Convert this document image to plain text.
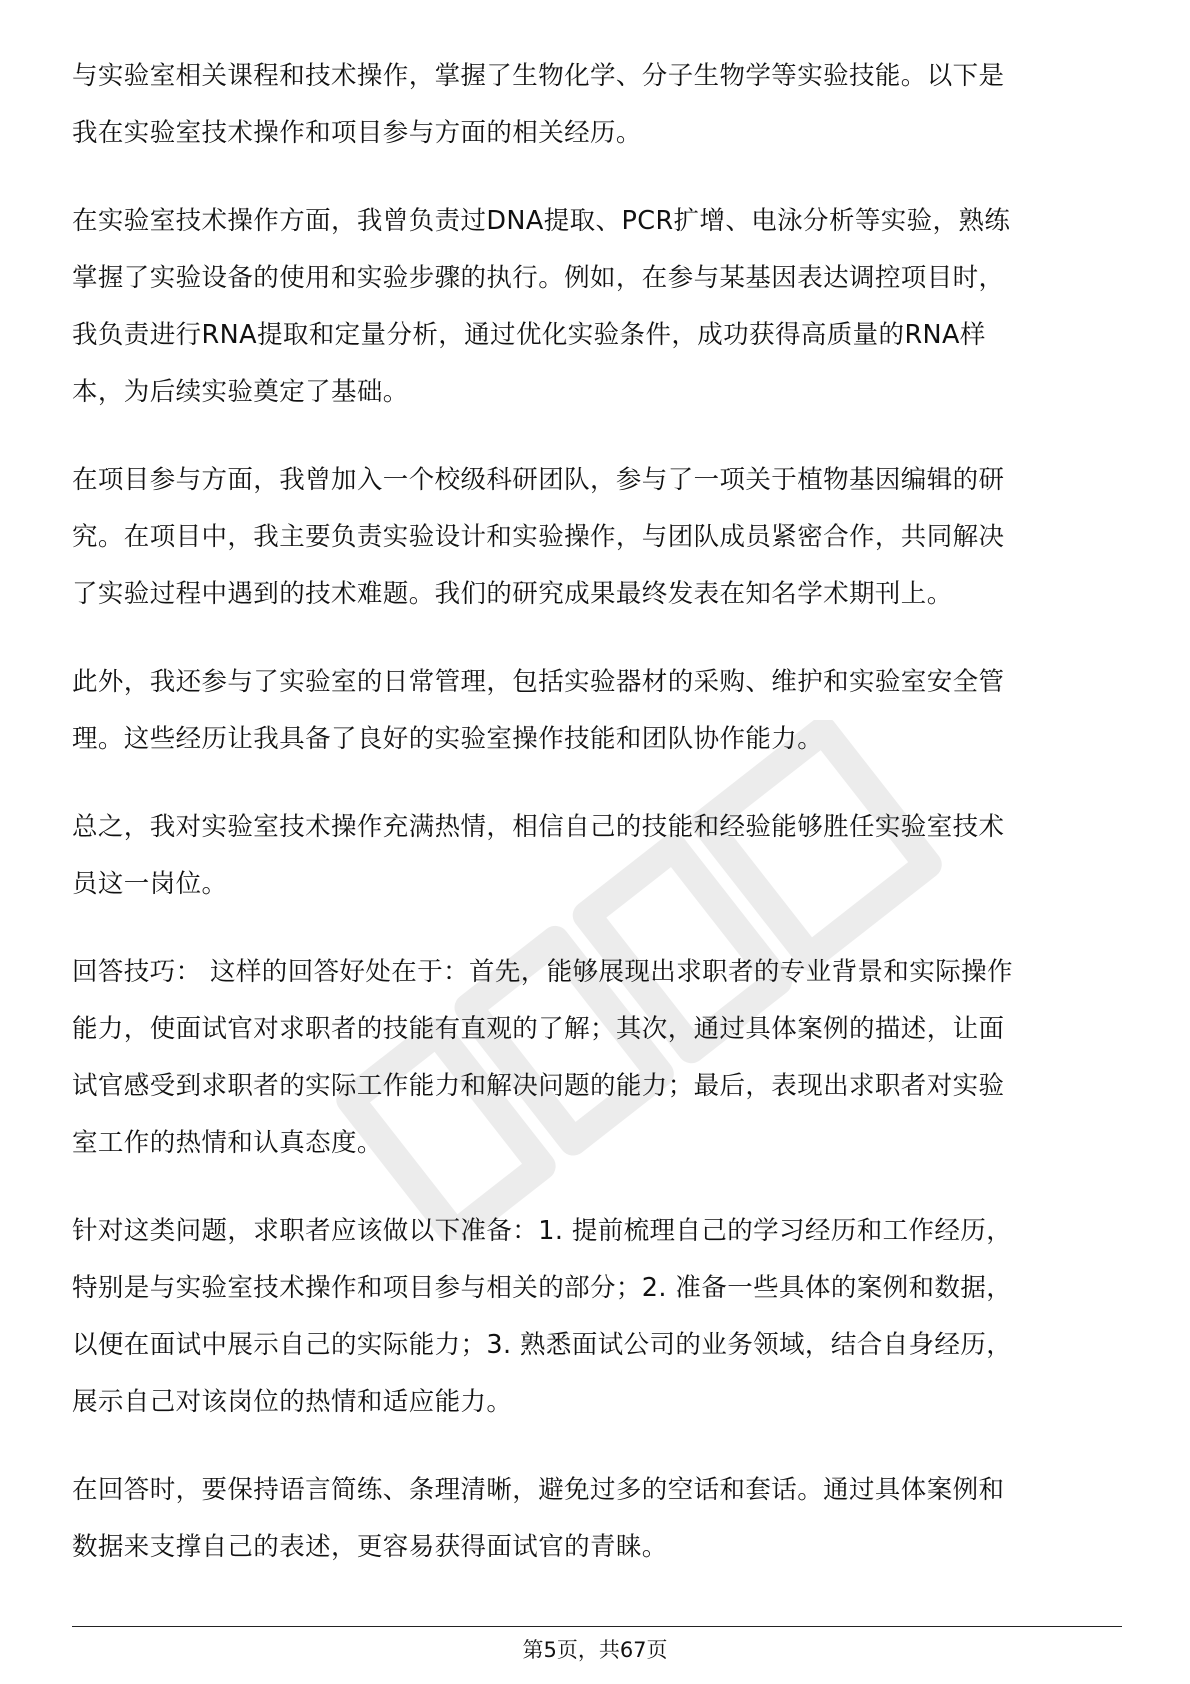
与实验室相关课程和技术操作，掌握了生物化学、分子生物学等实验技能。以下是
我在实验室技术操作和项目参与方面的相关经历。

在实验室技术操作方面，我曾负责过DNA提取、PCR扩增、电泳分析等实验，熟练
掌握了实验设备的使用和实验步骤的执行。例如，在参与某基因表达调控项目时，
我负责进行RNA提取和定量分析，通过优化实验条件，成功获得高质量的RNA样
本，为后续实验奠定了基础。

在项目参与方面，我曾加入一个校级科研团队，参与了一项关于植物基因编辑的研
究。在项目中，我主要负责实验设计和实验操作，与团队成员紧密合作，共同解决
了实验过程中遇到的技术难题。我们的研究成果最终发表在知名学术期刊上。

此外，我还参与了实验室的日常管理，包括实验器材的采购、维护和实验室安全管
理。这些经历让我具备了良好的实验室操作技能和团队协作能力。

总之，我对实验室技术操作充满热情，相信自己的技能和经验能够胜任实验室技术
员这一岗位。

回答技巧： 这样的回答好处在于：首先，能够展现出求职者的专业背景和实际操作
能力，使面试官对求职者的技能有直观的了解；其次，通过具体案例的描述，让面
试官感受到求职者的实际工作能力和解决问题的能力；最后，表现出求职者对实验
室工作的热情和认真态度。

针对这类问题，求职者应该做以下准备：1. 提前梳理自己的学习经历和工作经历，
特别是与实验室技术操作和项目参与相关的部分；2. 准备一些具体的案例和数据，
以便在面试中展示自己的实际能力；3. 熟悉面试公司的业务领域，结合自身经历，
展示自己对该岗位的热情和适应能力。

在回答时，要保持语言简练、条理清晰，避免过多的空话和套话。通过具体案例和
数据来支撑自己的表述，更容易获得面试官的青睐。

第5页，共67页
